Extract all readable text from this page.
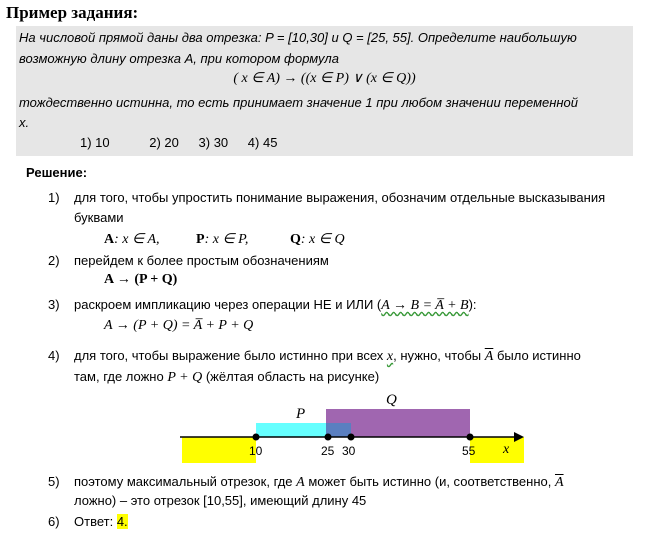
Пример задания:
На числовой прямой даны два отрезка: P = [10,30] и Q = [25, 55]. Определите наибольшую
возможную длину отрезка A, при котором формула
( x ∈ A) → ((x ∈ P) ∨ (x ∈ Q))
тождественно истинна, то есть принимает значение 1 при любом значении переменной
x.
1) 10	2) 20 3) 30 4) 45
Решение:
1) для того, чтобы упростить понимание выражения, обозначим отдельные высказывания
буквами
A: x ∈ A,	P: x ∈ P,	Q: x ∈ Q
2) перейдем к более простым обозначениям
A → (P + Q)
3) раскроем импликацию через операции НЕ и ИЛИ (A → B = A̅ + B):
A → (P + Q) = A̅ + P + Q
4) для того, чтобы выражение было истинно при всех x, нужно, чтобы $\overline{A}$ было истинно
там, где ложно P + Q (жёлтая область на рисунке)
P
Q
10	25 30	55 x
5) поэтому максимальный отрезок, где A может быть истинно (и, соответственно, $\overline{A}$
ложно) – это отрезок [10,55], имеющий длину 45
6) Ответ: 4.
